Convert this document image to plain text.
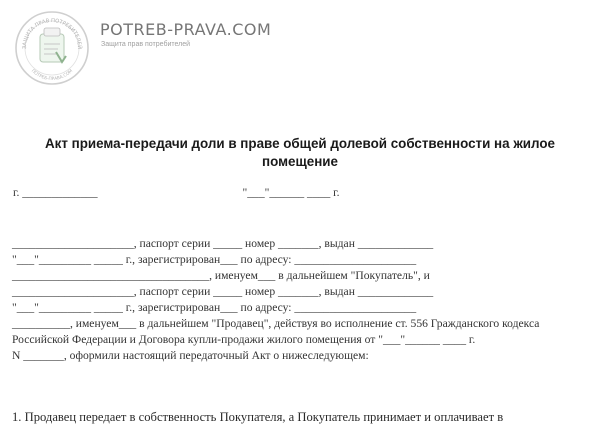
ЗАЩИТА ПРАВ ПОТРЕБИТЕЛЕЙ
ПОТРЕБ-ПРАВА.COM
POTREB-PRAVA.COM
Защита прав потребителей
Акт приема-передачи доли в праве общей долевой собственности на жилое
помещение
г. _____________                                                  "___"______ ____ г.
_____________________, паспорт серии _____ номер _______, выдан _____________
"___"_________ _____ г., зарегистрирован___ по адресу: _____________________
__________________________________, именуем___ в дальнейшем "Покупатель", и
_____________________, паспорт серии _____ номер _______, выдан _____________
"___"_________ _____ г., зарегистрирован___ по адресу: _____________________
__________, именуем___ в дальнейшем "Продавец", действуя во исполнение ст. 556 Гражданского кодекса
Российской Федерации и Договора купли-продажи жилого помещения от "___"______ ____ г.
N _______, оформили настоящий передаточный Акт о нижеследующем:
1. Продавец передает в собственность Покупателя, а Покупатель принимает и оплачивает в
